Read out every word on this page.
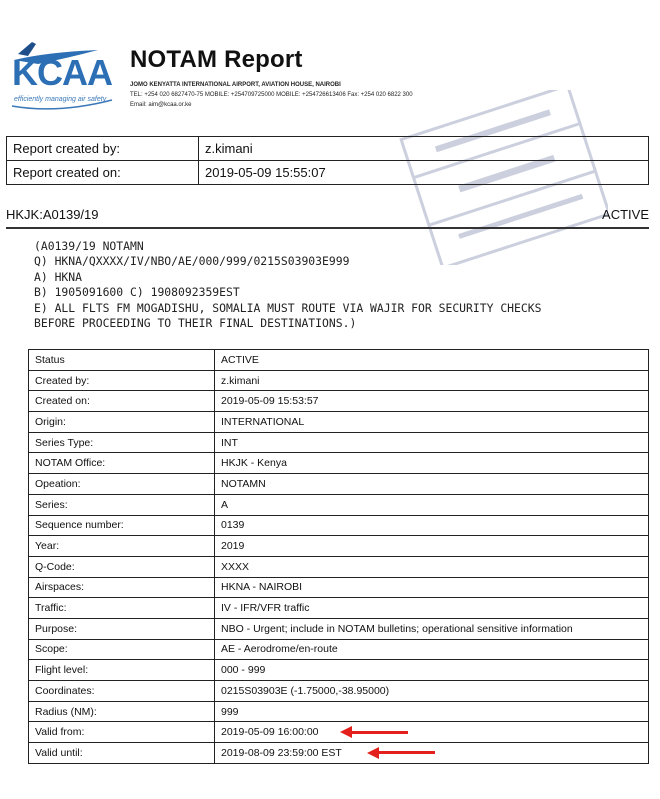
KCAA
efficiently managing air safety
NOTAM Report
JOMO KENYATTA INTERNATIONAL AIRPORT, AVIATION HOUSE, NAIROBI
TEL: +254 020 6827470-75 MOBILE: +254709725000 MOBILE: +254726613406 Fax: +254 020 6822 300
Email: aim@kcaa.or.ke
Report created by:	z.kimani
Report created on:	2019-05-09 15:55:07
HKJK:A0139/19	ACTIVE
(A0139/19 NOTAMN
Q) HKNA/QXXXX/IV/NBO/AE/000/999/0215S03903E999
A) HKNA
B) 1905091600 C) 1908092359EST
E) ALL FLTS FM MOGADISHU, SOMALIA MUST ROUTE VIA WAJIR FOR SECURITY CHECKS
BEFORE PROCEEDING TO THEIR FINAL DESTINATIONS.)
Status	ACTIVE
Created by:	z.kimani
Created on:	2019-05-09 15:53:57
Origin:	INTERNATIONAL
Series Type:	INT
NOTAM Office:	HKJK - Kenya
Opeation:	NOTAMN
Series:	A
Sequence number:	0139
Year:	2019
Q-Code:	XXXX
Airspaces:	HKNA - NAIROBI
Traffic:	IV - IFR/VFR traffic
Purpose:	NBO - Urgent; include in NOTAM bulletins; operational sensitive information
Scope:	AE - Aerodrome/en-route
Flight level:	000 - 999
Coordinates:	0215S03903E (-1.75000,-38.95000)
Radius (NM):	999
Valid from:	2019-05-09 16:00:00

Valid until:	2019-08-09 23:59:00 EST
